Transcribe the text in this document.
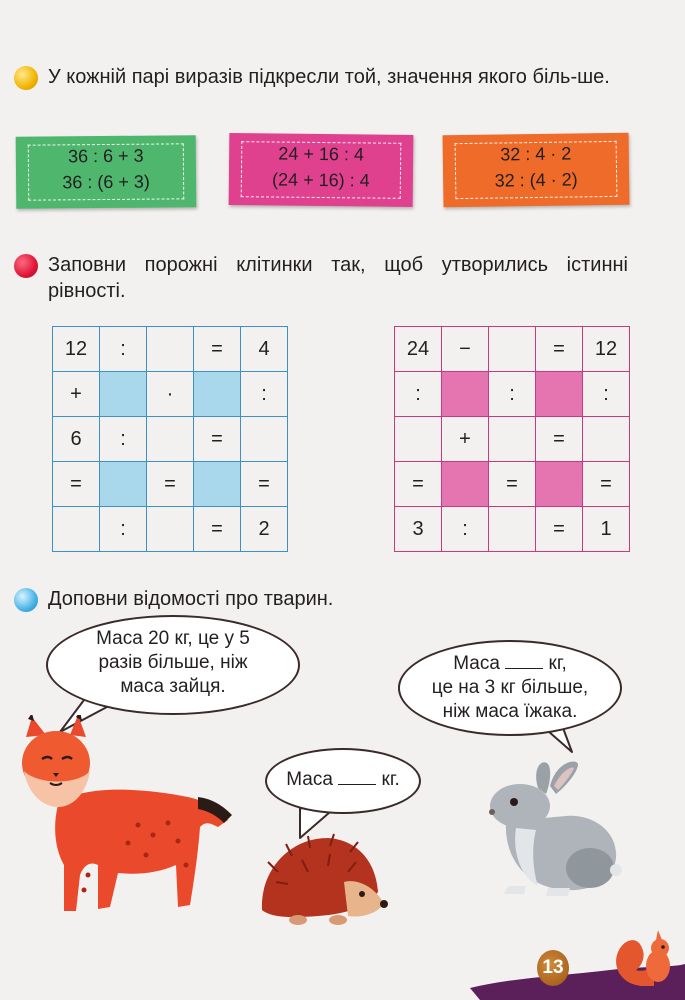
У кожній парі виразів підкресли той, значення якого біль-ше.
36 : 6 + 3
36 : (6 + 3)
24 + 16 : 4
(24 + 16) : 4
32 : 4 · 2
32 : (4 · 2)
Заповни порожні клітинки так, щоб утворились істинні рівності.
12	:		=	4
+		·		:
6	:		=	
=		=		=
	:		=	2
24	−		=	12
:		:		:
	+		=	
=		=		=
3	:		=	1
Доповни відомості про тварин.
Маса 20 кг, це у 5
разів більше, ніж
маса зайця.
Маса	кг.
Маса	кг,
це на 3 кг більше,
ніж маса їжака.
13
